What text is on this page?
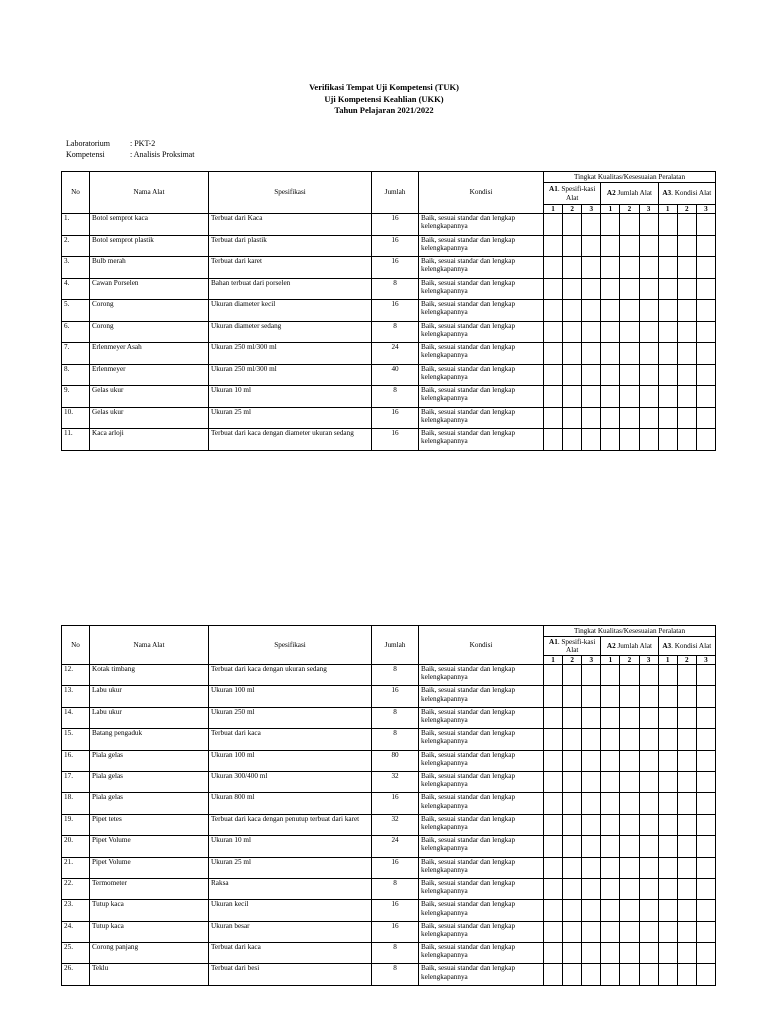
Verifikasi Tempat Uji Kompetensi (TUK)
Uji Kompetensi Keahlian (UKK)
Tahun Pelajaran 2021/2022
Laboratorium	: PKT-2
Kompetensi	: Analisis Proksimat
No	Nama Alat	Spesifikasi	Jumlah	Kondisi	Tingkat Kualitas/Kesesuaian Peralatan								
					A1. Spesifi-kasi Alat			A2 Jumlah Alat			A3. Kondisi Alat		
					1	2	3	1	2	3	1	2	3
1.	Botol semprot kaca	Terbuat dari Kaca	16	Baik, sesuai standar dan lengkap kelengkapannya									
2.	Botol semprot plastik	Terbuat dari plastik	16	Baik, sesuai standar dan lengkap kelengkapannya									
3.	Bulb merah	Terbuat dari karet	16	Baik, sesuai standar dan lengkap kelengkapannya									
4.	Cawan Porselen	Bahan terbuat dari porselen	8	Baik, sesuai standar dan lengkap kelengkapannya									
5.	Corong	Ukuran diameter kecil	16	Baik, sesuai standar dan lengkap kelengkapannya									
6.	Corong	Ukuran diameter sedang	8	Baik, sesuai standar dan lengkap kelengkapannya									
7.	Erlenmeyer Asah	Ukuran 250 ml/300 ml	24	Baik, sesuai standar dan lengkap kelengkapannya									
8.	Erlenmeyer	Ukuran 250 ml/300 ml	40	Baik, sesuai standar dan lengkap kelengkapannya									
9.	Gelas ukur	Ukuran 10 ml	8	Baik, sesuai standar dan lengkap kelengkapannya									
10.	Gelas ukur	Ukuran 25 ml	16	Baik, sesuai standar dan lengkap kelengkapannya									
11.	Kaca arloji	Terbuat dari kaca dengan diameter ukuran sedang	16	Baik, sesuai standar dan lengkap kelengkapannya									
No	Nama Alat	Spesifikasi	Jumlah	Kondisi	Tingkat Kualitas/Kesesuaian Peralatan								
					A1. Spesifi-kasi Alat			A2 Jumlah Alat			A3. Kondisi Alat		
					1	2	3	1	2	3	1	2	3
12.	Kotak timbang	Terbuat dari kaca dengan ukuran sedang	8	Baik, sesuai standar dan lengkap kelengkapannya									
13.	Labu ukur	Ukuran 100 ml	16	Baik, sesuai standar dan lengkap kelengkapannya									
14.	Labu ukur	Ukuran 250 ml	8	Baik, sesuai standar dan lengkap kelengkapannya									
15.	Batang pengaduk	Terbuat dari kaca	8	Baik, sesuai standar dan lengkap kelengkapannya									
16.	Piala gelas	Ukuran 100 ml	80	Baik, sesuai standar dan lengkap kelengkapannya									
17.	Piala gelas	Ukuran 300/400 ml	32	Baik, sesuai standar dan lengkap kelengkapannya									
18.	Piala gelas	Ukuran 800 ml	16	Baik, sesuai standar dan lengkap kelengkapannya									
19.	Pipet tetes	Terbuat dari kaca dengan penutup terbuat dari karet	32	Baik, sesuai standar dan lengkap kelengkapannya									
20.	Pipet Volume	Ukuran 10 ml	24	Baik, sesuai standar dan lengkap kelengkapannya									
21.	Pipet Volume	Ukuran 25 ml	16	Baik, sesuai standar dan lengkap kelengkapannya									
22.	Termometer	Raksa	8	Baik, sesuai standar dan lengkap kelengkapannya									
23.	Tutup kaca	Ukuran kecil	16	Baik, sesuai standar dan lengkap kelengkapannya									
24.	Tutup kaca	Ukuran besar	16	Baik, sesuai standar dan lengkap kelengkapannya									
25.	Corong panjang	Terbuat dari kaca	8	Baik, sesuai standar dan lengkap kelengkapannya									
26.	Teklu	Terbuat dari besi	8	Baik, sesuai standar dan lengkap kelengkapannya									
